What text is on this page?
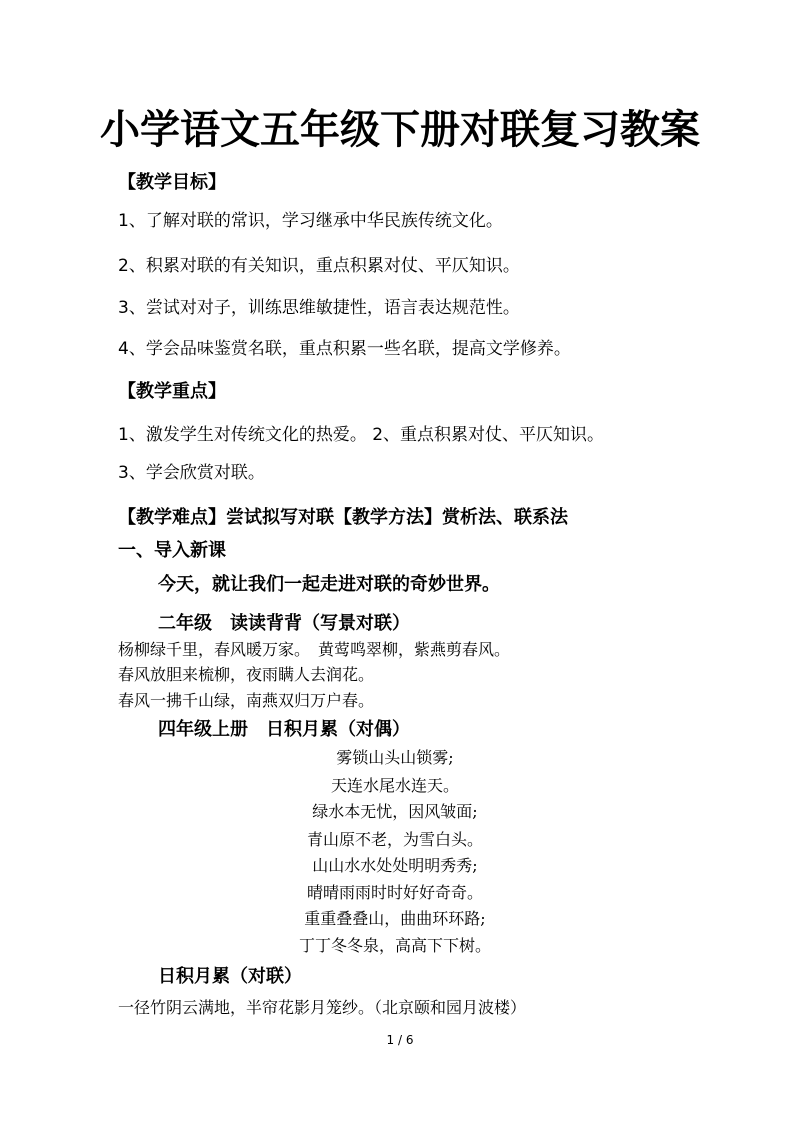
小学语文五年级下册对联复习教案
【教学目标】
1、了解对联的常识，学习继承中华民族传统文化。
2、积累对联的有关知识，重点积累对仗、平仄知识。
3、尝试对对子，训练思维敏捷性，语言表达规范性。
4、学会品味鉴赏名联，重点积累一些名联，提高文学修养。
【教学重点】
1、激发学生对传统文化的热爱。 2、重点积累对仗、平仄知识。
3、学会欣赏对联。
【教学难点】尝试拟写对联【教学方法】赏析法、联系法
一、导入新课
今天，就让我们一起走进对联的奇妙世界。
二年级　读读背背（写景对联）
杨柳绿千里，春风暖万家。　黄莺鸣翠柳，紫燕剪春风。
春风放胆来梳柳，夜雨瞒人去润花。
春风一拂千山绿，南燕双归万户春。
四年级上册　日积月累（对偶）
雾锁山头山锁雾;
天连水尾水连天。
绿水本无忧，因风皱面;
青山原不老，为雪白头。
山山水水处处明明秀秀;
晴晴雨雨时时好好奇奇。
重重叠叠山，曲曲环环路;
丁丁冬冬泉，高高下下树。
日积月累（对联）
一径竹阴云满地，半帘花影月笼纱。（北京颐和园月波楼）
1 / 6
